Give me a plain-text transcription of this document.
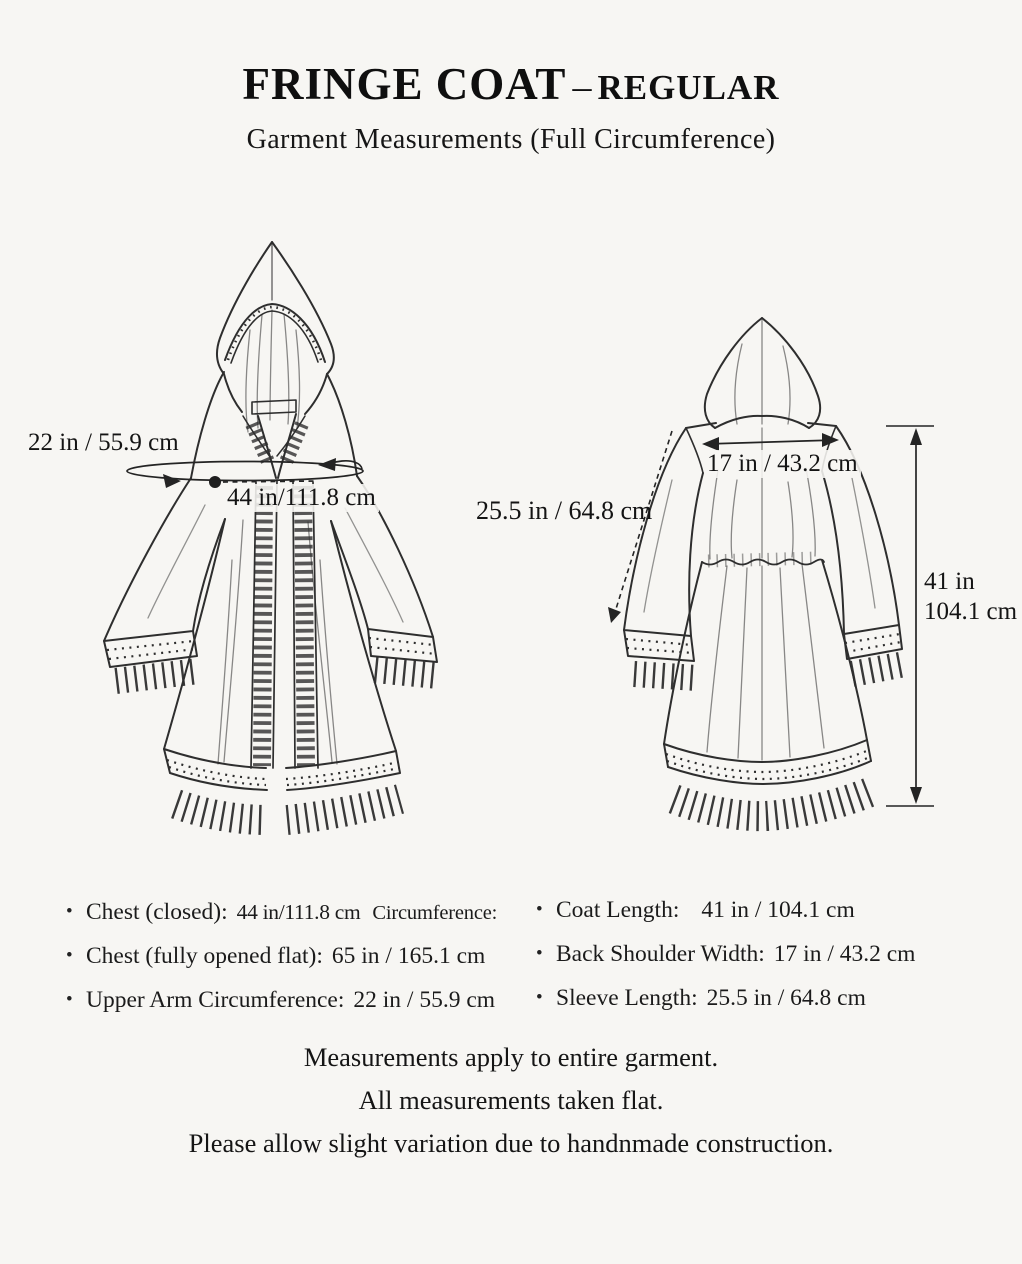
FRINGE COAT – REGULAR
Garment Measurements (Full Circumference)
22 in / 55.9 cm
44 in/111.8 cm	25.5 in / 64.8 cm
17 in / 43.2 cm
41 in
104.1 cm
• Chest (closed): 44 in/111.8 cm Circumference:
• Chest (fully opened flat): 65 in / 165.1 cm
• Upper Arm Circumference: 22 in / 55.9 cm
• Coat Length: 41 in / 104.1 cm
• Back Shoulder Width: 17 in / 43.2 cm
• Sleeve Length: 25.5 in / 64.8 cm

Measurements apply to entire garment.

All measurements taken flat.

Please allow slight variation due to handnmade construction.
